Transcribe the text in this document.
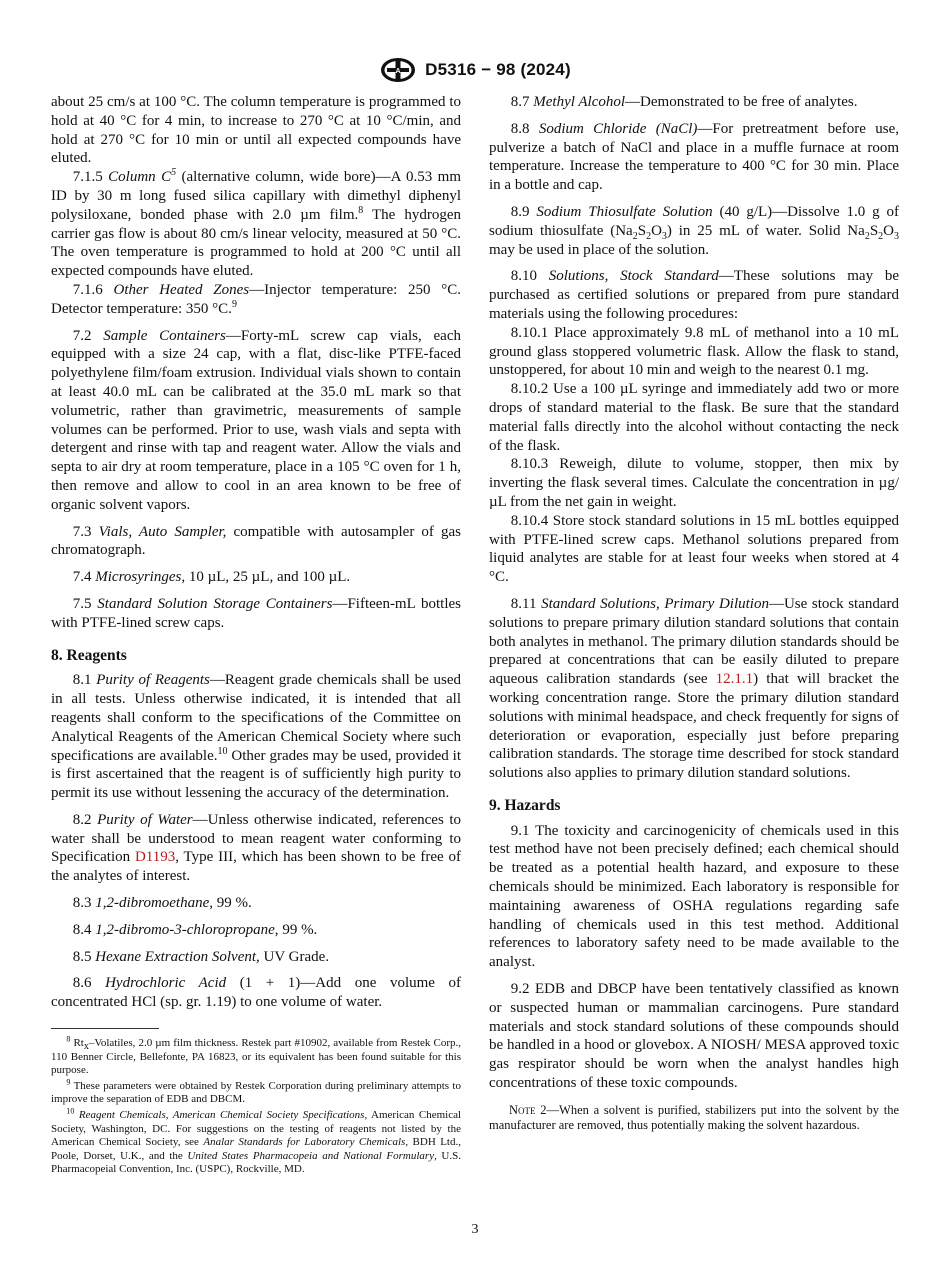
A D5316 − 98 (2024)

about 25 cm/s at 100 °C. The column temperature is programmed to hold at 40 °C for 4 min, to increase to 270 °C at 10 °C/min, and hold at 270 °C for 10 min or until all expected compounds have eluted.

7.1.5 Column $C^5$ (alternative column, wide bore)—A 0.53 mm ID by 30 m long fused silica capillary with dimethyl diphenyl polysiloxane, bonded phase with 2.0 µm film.$^8$ The hydrogen carrier gas flow is about 80 cm/s linear velocity, measured at 50 °C. The oven temperature is programmed to hold at 200 °C until all expected compounds have eluted.

7.1.6 Other Heated Zones—Injector temperature: 250 °C. Detector temperature: 350 °C.$^9$

7.2 Sample Containers—Forty-mL screw cap vials, each equipped with a size 24 cap, with a flat, disc-like PTFE-faced polyethylene film/foam extrusion. Individual vials shown to contain at least 40.0 mL can be calibrated at the 35.0 mL mark so that volumetric, rather than gravimetric, measurements of sample volumes can be performed. Prior to use, wash vials and septa with detergent and rinse with tap and reagent water. Allow the vials and septa to air dry at room temperature, place in a 105 °C oven for 1 h, then remove and allow to cool in an area known to be free of organic solvent vapors.

7.3 Vials, Auto Sampler, compatible with autosampler of gas chromatograph.

7.4 Microsyringes, 10 µL, 25 µL, and 100 µL.

7.5 Standard Solution Storage Containers—Fifteen-mL bottles with PTFE-lined screw caps.

8. Reagents

8.1 Purity of Reagents—Reagent grade chemicals shall be used in all tests. Unless otherwise indicated, it is intended that all reagents shall conform to the specifications of the Committee on Analytical Reagents of the American Chemical Society where such specifications are available.$^{10}$ Other grades may be used, provided it is first ascertained that the reagent is of sufficiently high purity to permit its use without lessening the accuracy of the determination.

8.2 Purity of Water—Unless otherwise indicated, references to water shall be understood to mean reagent water conforming to Specification D1193, Type III, which has been shown to be free of the analytes of interest.

8.3 1,2-dibromoethane, 99 %.

8.4 1,2-dibromo-3-chloropropane, 99 %.

8.5 Hexane Extraction Solvent, UV Grade.

8.6 Hydrochloric Acid (1 + 1)—Add one volume of concentrated HCl (sp. gr. 1.19) to one volume of water.

$^8$ $Rt_x$–Volatiles, 2.0 µm film thickness. Restek part #10902, available from Restek Corp., 110 Benner Circle, Bellefonte, PA 16823, or its equivalent has been found suitable for this purpose.

$^9$ These parameters were obtained by Restek Corporation during preliminary attempts to improve the separation of EDB and DBCM.

$^{10}$ Reagent Chemicals, American Chemical Society Specifications, American Chemical Society, Washington, DC. For suggestions on the testing of reagents not listed by the American Chemical Society, see Analar Standards for Laboratory Chemicals, BDH Ltd., Poole, Dorset, U.K., and the United States Pharmacopeia and National Formulary, U.S. Pharmacopeial Convention, Inc. (USPC), Rockville, MD.

8.7 Methyl Alcohol—Demonstrated to be free of analytes.

8.8 Sodium Chloride (NaCl)—For pretreatment before use, pulverize a batch of NaCl and place in a muffle furnace at room temperature. Increase the temperature to 400 °C for 30 min. Place in a bottle and cap.

8.9 Sodium Thiosulfate Solution (40 g/L)—Dissolve 1.0 g of sodium thiosulfate $(Na_2S_2O_3)$ in 25 mL of water. Solid $Na_2S_2O_3$ may be used in place of the solution.

8.10 Solutions, Stock Standard—These solutions may be purchased as certified solutions or prepared from pure standard materials using the following procedures:

8.10.1 Place approximately 9.8 mL of methanol into a 10 mL ground glass stoppered volumetric flask. Allow the flask to stand, unstoppered, for about 10 min and weigh to the nearest 0.1 mg.

8.10.2 Use a 100 µL syringe and immediately add two or more drops of standard material to the flask. Be sure that the standard material falls directly into the alcohol without contacting the neck of the flask.

8.10.3 Reweigh, dilute to volume, stopper, then mix by inverting the flask several times. Calculate the concentration in µg/µL from the net gain in weight.

8.10.4 Store stock standard solutions in 15 mL bottles equipped with PTFE-lined screw caps. Methanol solutions prepared from liquid analytes are stable for at least four weeks when stored at 4 °C.

8.11 Standard Solutions, Primary Dilution—Use stock standard solutions to prepare primary dilution standard solutions that contain both analytes in methanol. The primary dilution standards should be prepared at concentrations that can be easily diluted to prepare aqueous calibration standards (see 12.1.1) that will bracket the working concentration range. Store the primary dilution standard solutions with minimal headspace, and check frequently for signs of deterioration or evaporation, especially just before preparing calibration standards. The storage time described for stock standard solutions also applies to primary dilution standard solutions.

9. Hazards

9.1 The toxicity and carcinogenicity of chemicals used in this test method have not been precisely defined; each chemical should be treated as a potential health hazard, and exposure to these chemicals should be minimized. Each laboratory is responsible for maintaining awareness of OSHA regulations regarding safe handling of chemicals used in this test method. Additional references to laboratory safety need to be made available to the analyst.

9.2 EDB and DBCP have been tentatively classified as known or suspected human or mammalian carcinogens. Pure standard materials and stock standard solutions of these compounds should be handled in a hood or glovebox. A NIOSH/ MESA approved toxic gas respirator should be worn when the analyst handles high concentrations of these toxic compounds.

Note 2—When a solvent is purified, stabilizers put into the solvent by the manufacturer are removed, thus potentially making the solvent hazardous.

3
